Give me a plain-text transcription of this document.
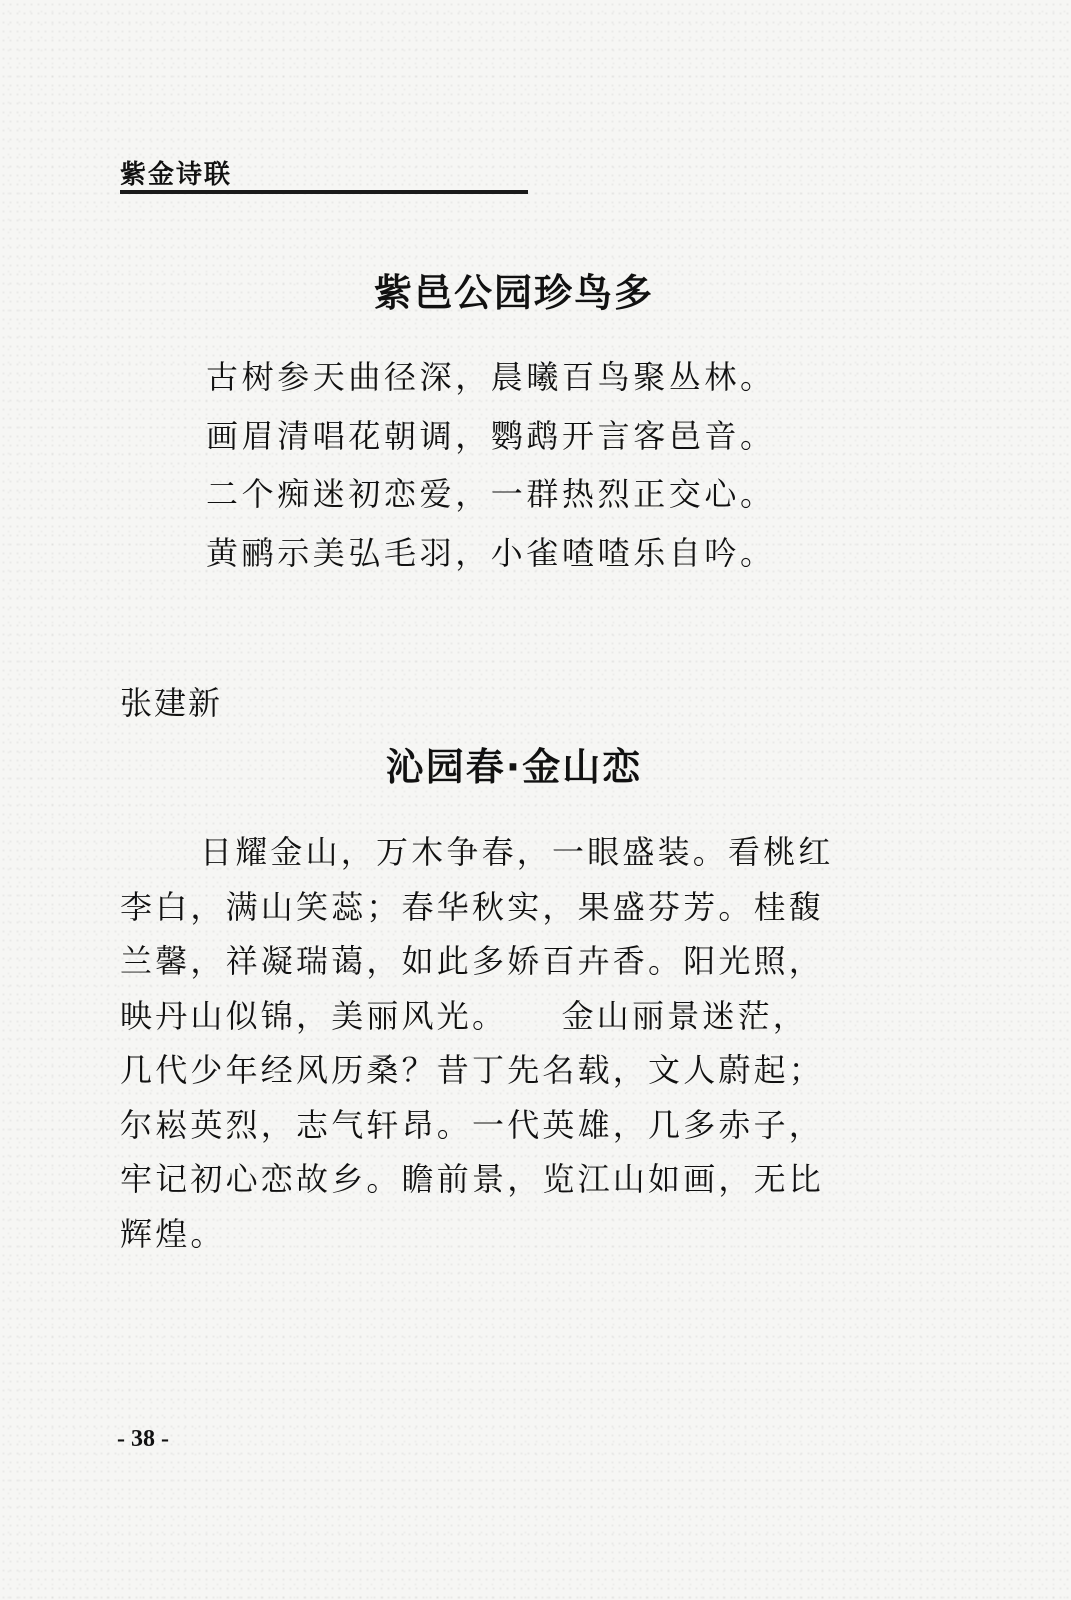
紫金诗联
紫邑公园珍鸟多
古树参天曲径深，晨曦百鸟聚丛林。
画眉清唱花朝调，鹦鹉开言客邑音。
二个痴迷初恋爱，一群热烈正交心。
黄鹂示美弘毛羽，小雀喳喳乐自吟。
张建新
沁园春·金山恋
日耀金山，万木争春，一眼盛装。看桃红
李白，满山笑蕊；春华秋实，果盛芬芳。桂馥
兰馨，祥凝瑞蔼，如此多娇百卉香。阳光照，
映丹山似锦，美丽风光。　　金山丽景迷茫，
几代少年经风历桑？昔丁先名载，文人蔚起；
尔崧英烈，志气轩昂。一代英雄，几多赤子，
牢记初心恋故乡。瞻前景，览江山如画，无比
辉煌。
- 38 -
